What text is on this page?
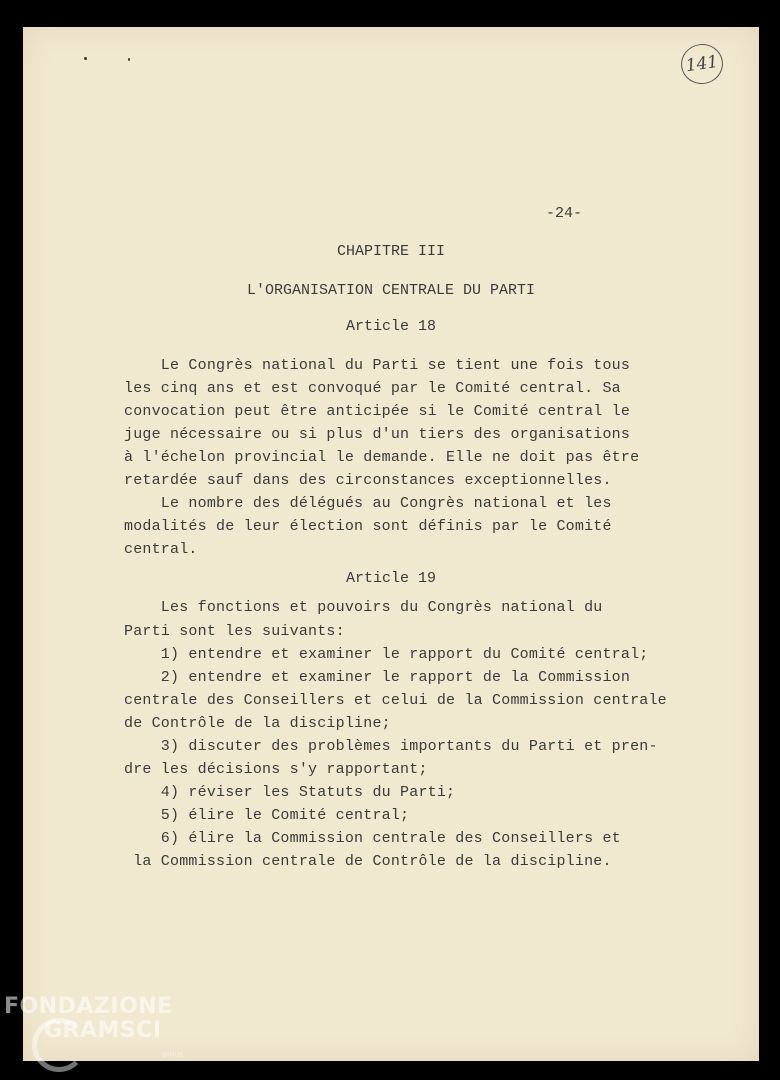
141
-24-
CHAPITRE III
L'ORGANISATION CENTRALE DU PARTI
Article 18
Le Congrès national du Parti se tient une fois tous
les cinq ans et est convoqué par le Comité central. Sa
convocation peut être anticipée si le Comité central le
juge nécessaire ou si plus d'un tiers des organisations
à l'échelon provincial le demande. Elle ne doit pas être
retardée sauf dans des circonstances exceptionnelles.
Le nombre des délégués au Congrès national et les
modalités de leur élection sont définis par le Comité
central.
Article 19
Les fonctions et pouvoirs du Congrès national du
Parti sont les suivants:
1) entendre et examiner le rapport du Comité central;
2) entendre et examiner le rapport de la Commission
centrale des Conseillers et celui de la Commission centrale
de Contrôle de la discipline;
3) discuter des problèmes importants du Parti et pren-
dre les décisions s'y rapportant;
4) réviser les Statuts du Parti;
5) élire le Comité central;
6) élire la Commission centrale des Conseillers et
la Commission centrale de Contrôle de la discipline.
FONDAZIONE
GRAMSCI
onlus
